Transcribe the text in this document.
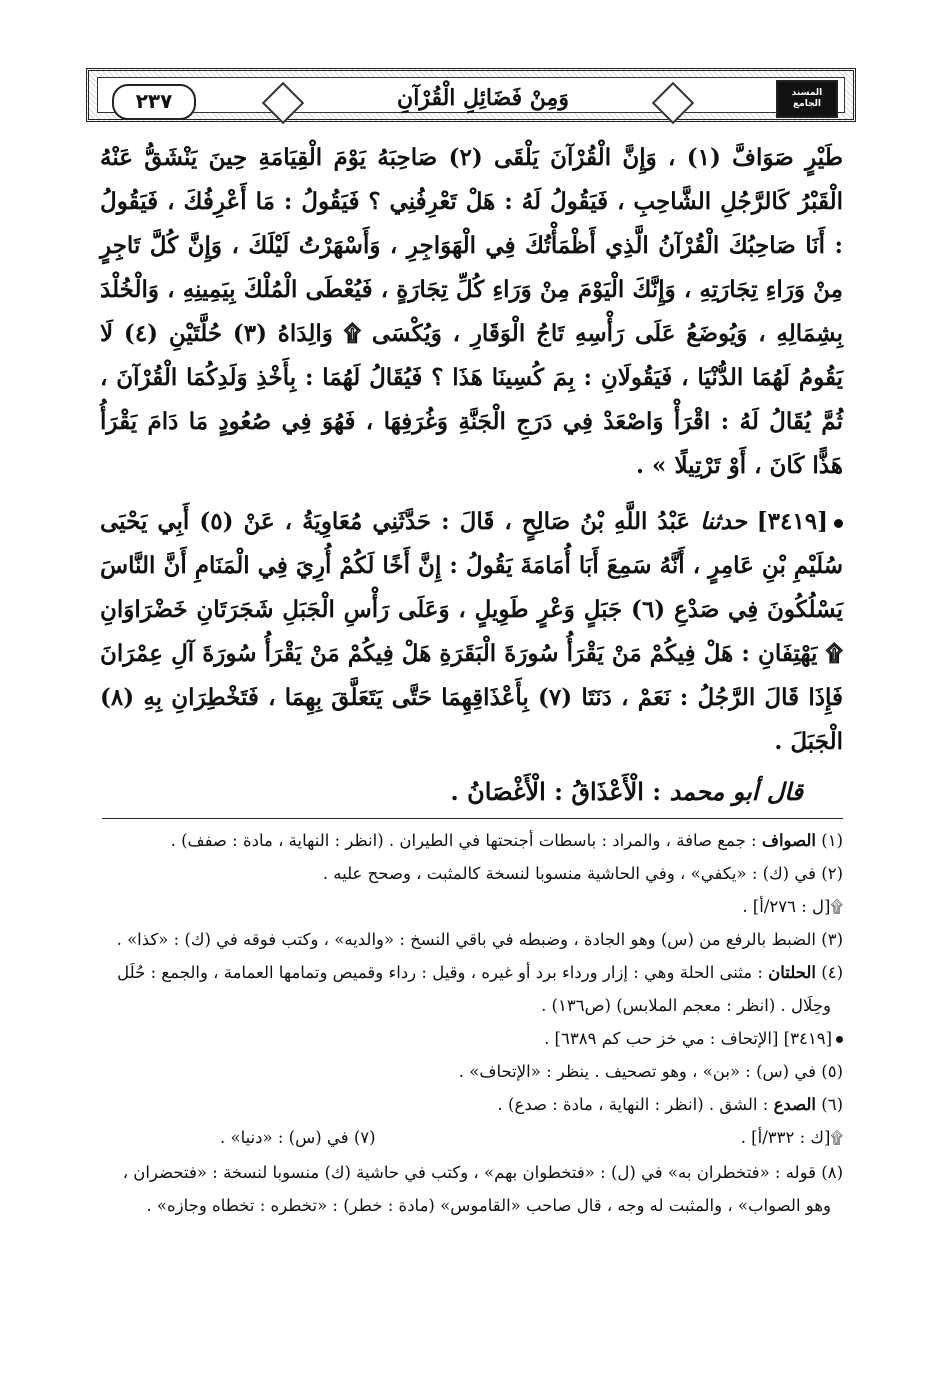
٢٣٧	وَمِنْ فَضَائِلِ الْقُرْآنِ	المسند الجامع

طَيْرٍ صَوَافَّ (١) ، وَإِنَّ الْقُرْآنَ يَلْقَى (٢) صَاحِبَهُ يَوْمَ الْقِيَامَةِ حِينَ يَنْشَقُّ عَنْهُ الْقَبْرُ كَالرَّجُلِ الشَّاحِبِ ، فَيَقُولُ لَهُ : هَلْ تَعْرِفُنِي ؟ فَيَقُولُ : مَا أَعْرِفُكَ ، فَيَقُولُ : أَنَا صَاحِبُكَ الْقُرْآنُ الَّذِي أَظْمَأْتُكَ فِي الْهَوَاجِرِ ، وَأَسْهَرْتُ لَيْلَكَ ، وَإِنَّ كُلَّ تَاجِرٍ مِنْ وَرَاءِ تِجَارَتِهِ ، وَإِنَّكَ الْيَوْمَ مِنْ وَرَاءِ كُلِّ تِجَارَةٍ ، فَيُعْطَى الْمُلْكَ بِيَمِينِهِ ، وَالْخُلْدَ بِشِمَالِهِ ، وَيُوضَعُ عَلَى رَأْسِهِ تَاجُ الْوَقَارِ ، وَيُكْسَى ۩ وَالِدَاهُ (٣) حُلَّتَيْنِ (٤) لَا يَقُومُ لَهُمَا الدُّنْيَا ، فَيَقُولَانِ : بِمَ كُسِينَا هَذَا ؟ فَيُقَالُ لَهُمَا : بِأَخْذِ وَلَدِكُمَا الْقُرْآنَ ، ثُمَّ يُقَالُ لَهُ : اقْرَأْ وَاصْعَدْ فِي دَرَجِ الْجَنَّةِ وَغُرَفِهَا ، فَهُوَ فِي صُعُودٍ مَا دَامَ يَقْرَأُ هَذًّا كَانَ ، أَوْ تَرْتِيلًا » .

[٣٤١٩] حدثنا عَبْدُ اللَّهِ بْنُ صَالِحٍ ، قَالَ : حَدَّثَنِي مُعَاوِيَةُ ، عَنْ (٥) أَبِي يَحْيَى سُلَيْمِ بْنِ عَامِرٍ ، أَنَّهُ سَمِعَ أَبَا أُمَامَةَ يَقُولُ : إِنَّ أَخًا لَكُمْ أُرِيَ فِي الْمَنَامِ أَنَّ النَّاسَ يَسْلُكُونَ فِي صَدْعِ (٦) جَبَلٍ وَعْرٍ طَوِيلٍ ، وَعَلَى رَأْسِ الْجَبَلِ شَجَرَتَانِ خَضْرَاوَانِ ۩ يَهْتِفَانِ : هَلْ فِيكُمْ مَنْ يَقْرَأُ سُورَةَ الْبَقَرَةِ هَلْ فِيكُمْ مَنْ يَقْرَأُ سُورَةَ آلِ عِمْرَانَ فَإِذَا قَالَ الرَّجُلُ : نَعَمْ ، دَنَتَا (٧) بِأَعْذَاقِهِمَا حَتَّى يَتَعَلَّقَ بِهِمَا ، فَتَخْطِرَانِ بِهِ (٨) الْجَبَلَ .

قال أبو محمد : الْأَعْذَاقُ : الْأَغْصَانُ .

(١) الصواف : جمع صافة ، والمراد : باسطات أجنحتها في الطيران . (انظر : النهاية ، مادة : صفف) .

(٢) في (ك) : «يكفي» ، وفي الحاشية منسوبا لنسخة كالمثبت ، وصحح عليه .

۩[ل : ٢٧٦/أ] .

(٣) الضبط بالرفع من (س) وهو الجادة ، وضبطه في باقي النسخ : «والديه» ، وكتب فوقه في (ك) : «كذا» .

(٤) الحلتان : مثنى الحلة وهي : إزار ورداء برد أو غيره ، وقيل : رداء وقميص وتمامها العمامة ، والجمع : حُلَل

وحِلَال . (انظر : معجم الملابس) (ص١٣٦) .

[٣٤١٩] [الإتحاف : مي خز حب كم ٦٣٨٩] .

(٥) في (س) : «بن» ، وهو تصحيف . ينظر : «الإتحاف» .

(٦) الصدع : الشق . (انظر : النهاية ، مادة : صدع) .

۩[ك : ٣٣٢/أ] .

(٧) في (س) : «دنيا» .

(٨) قوله : «فتخطران به» في (ل) : «فتخطوان بهم» ، وكتب في حاشية (ك) منسوبا لنسخة : «فتحضران ،

وهو الصواب» ، والمثبت له وجه ، قال صاحب «القاموس» (مادة : خطر) : «تخطره : تخطاه وجازه» .
